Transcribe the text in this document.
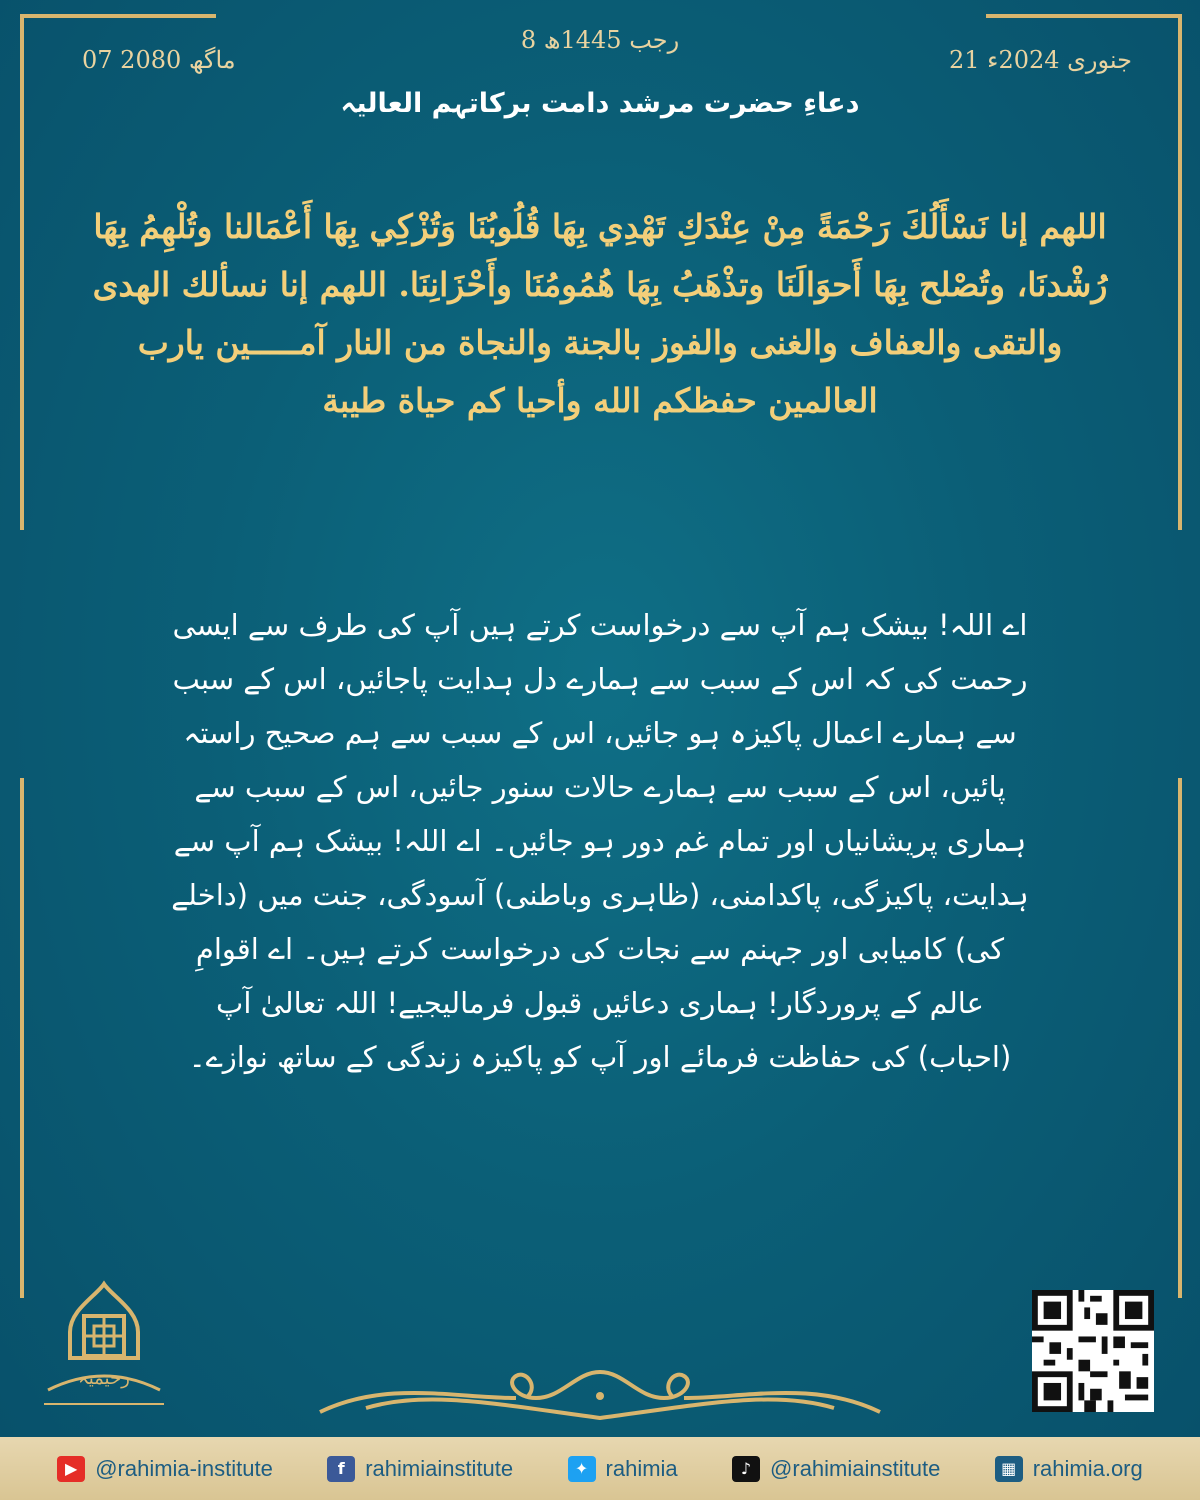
8 رجب 1445ھ
21 جنوری 2024ء
07 ماگھ 2080
دعاءِ حضرت مرشد دامت برکاتہم العالیہ
اللهم إنا نَسْأَلُكَ رَحْمَةً مِنْ عِنْدَكِ تَهْدِي بِهَا قُلُوبُنَا وَتُزْكِي بِهَا أَعْمَالنا وتُلْهِمُ بِهَا رُشْدنَا، وتُصْلح بِهَا أَحوَالَنَا وتذْهَبُ بِهَا هُمُومُنَا وأَحْزَانِنَا. اللهم إنا نسألك الهدى والتقى والعفاف والغنى والفوز بالجنة والنجاة من النار آمـــــين يارب العالمين حفظكم الله وأحيا كم حياة طيبة
اے اللہ! بیشک ہم آپ سے درخواست کرتے ہیں آپ کی طرف سے ایسی رحمت کی کہ اس کے سبب سے ہمارے دل ہدایت پاجائیں، اس کے سبب سے ہمارے اعمال پاکیزہ ہو جائیں، اس کے سبب سے ہم صحیح راستہ پائیں، اس کے سبب سے ہمارے حالات سنور جائیں، اس کے سبب سے ہماری پریشانیاں اور تمام غم دور ہو جائیں۔ اے اللہ! بیشک ہم آپ سے ہدایت، پاکیزگی، پاکدامنی، (ظاہری وباطنی) آسودگی، جنت میں (داخلے کی) کامیابی اور جہنم سے نجات کی درخواست کرتے ہیں۔ اے اقوامِ عالم کے پروردگار! ہماری دعائیں قبول فرمالیجیے! اللہ تعالیٰ آپ (احباب) کی حفاظت فرمائے اور آپ کو پاکیزہ زندگی کے ساتھ نوازے۔
رحیمیہ
▶ @rahimia-institute	f rahimiainstitute	✦ rahimia	♪ @rahimiainstitute	▦ rahimia.org
